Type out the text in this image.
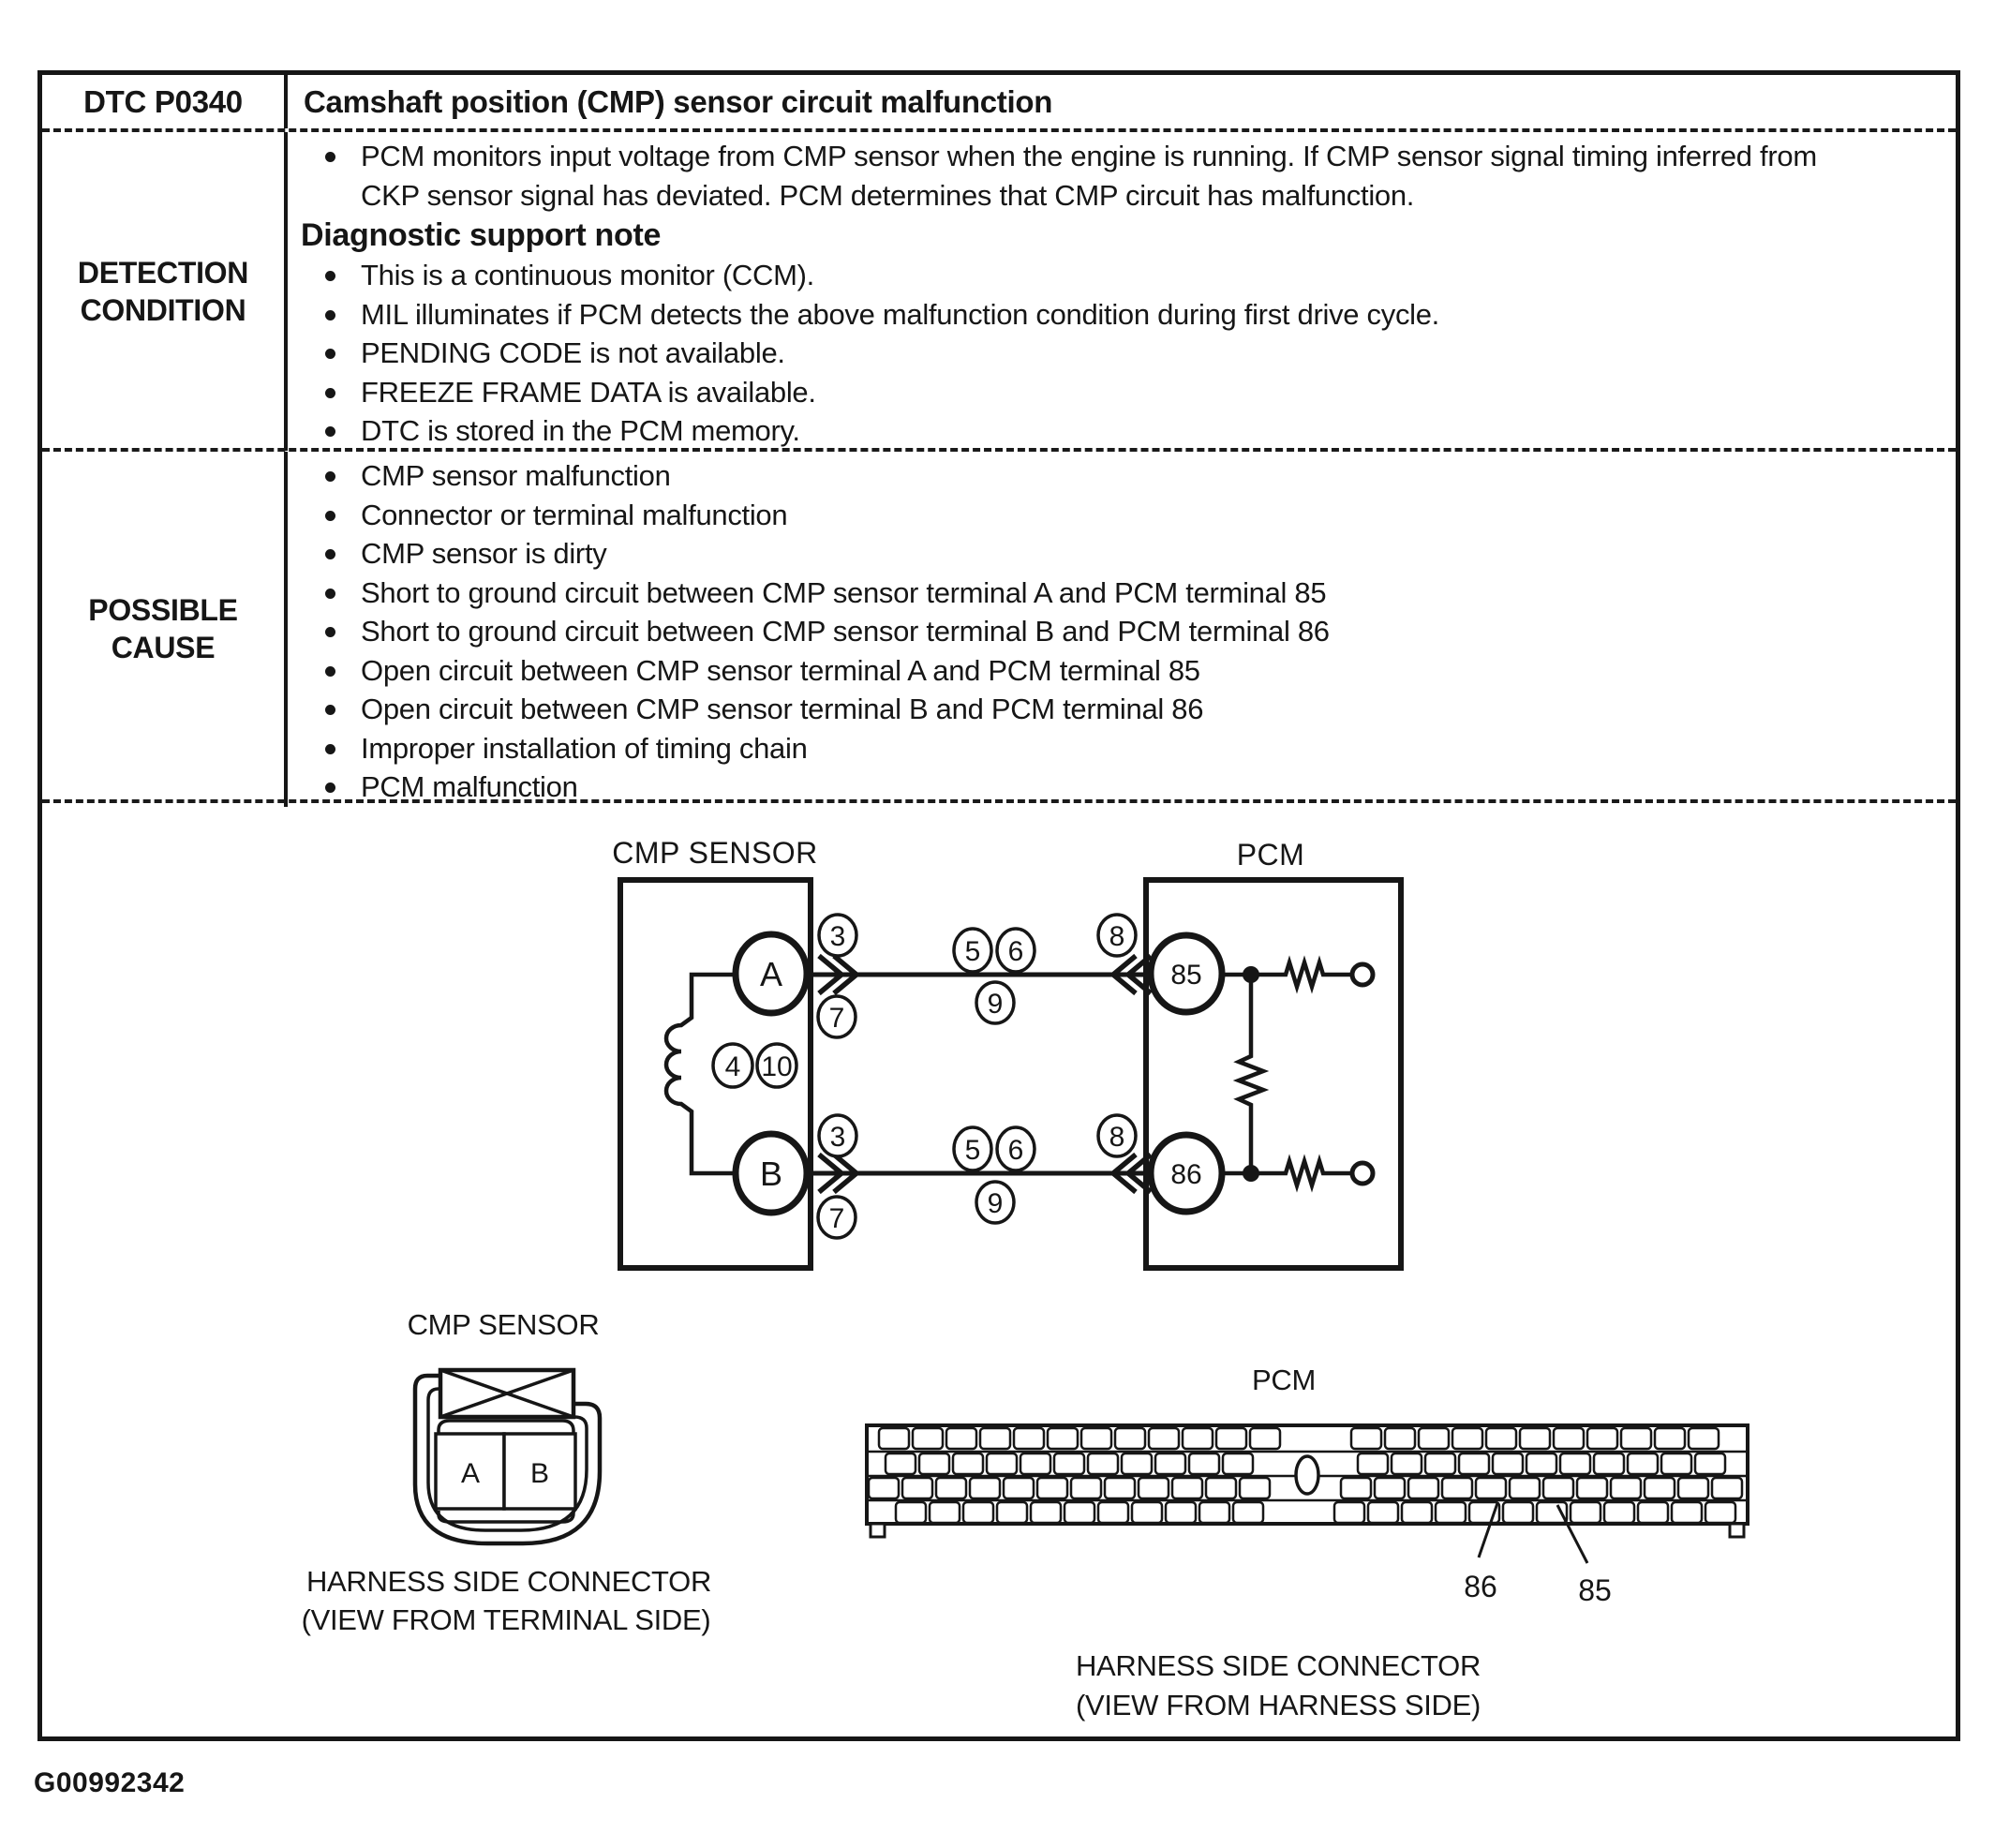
DTC P0340	Camshaft position (CMP) sensor circuit malfunction
DETECTION CONDITION
PCM monitors input voltage from CMP sensor when the engine is running. If CMP sensor signal timing inferred from CKP sensor signal has deviated. PCM determines that CMP circuit has malfunction.
Diagnostic support note
This is a continuous monitor (CCM).
MIL illuminates if PCM detects the above malfunction condition during first drive cycle.
PENDING CODE is not available.
FREEZE FRAME DATA is available.
DTC is stored in the PCM memory.
POSSIBLE CAUSE
CMP sensor malfunction
Connector or terminal malfunction
CMP sensor is dirty
Short to ground circuit between CMP sensor terminal A and PCM terminal 85
Short to ground circuit between CMP sensor terminal B and PCM terminal 86
Open circuit between CMP sensor terminal A and PCM terminal 85
Open circuit between CMP sensor terminal B and PCM terminal 86
Improper installation of timing chain
PCM malfunction
CMP SENSOR	PCM
A
B
85
86
3
7
5 6
9
8
3
7
5 6
9
8
4 10
CMP SENSOR
A B
HARNESS SIDE CONNECTOR
(VIEW FROM TERMINAL SIDE)
PCM
86	85
HARNESS SIDE CONNECTOR
(VIEW FROM HARNESS SIDE)
G00992342
